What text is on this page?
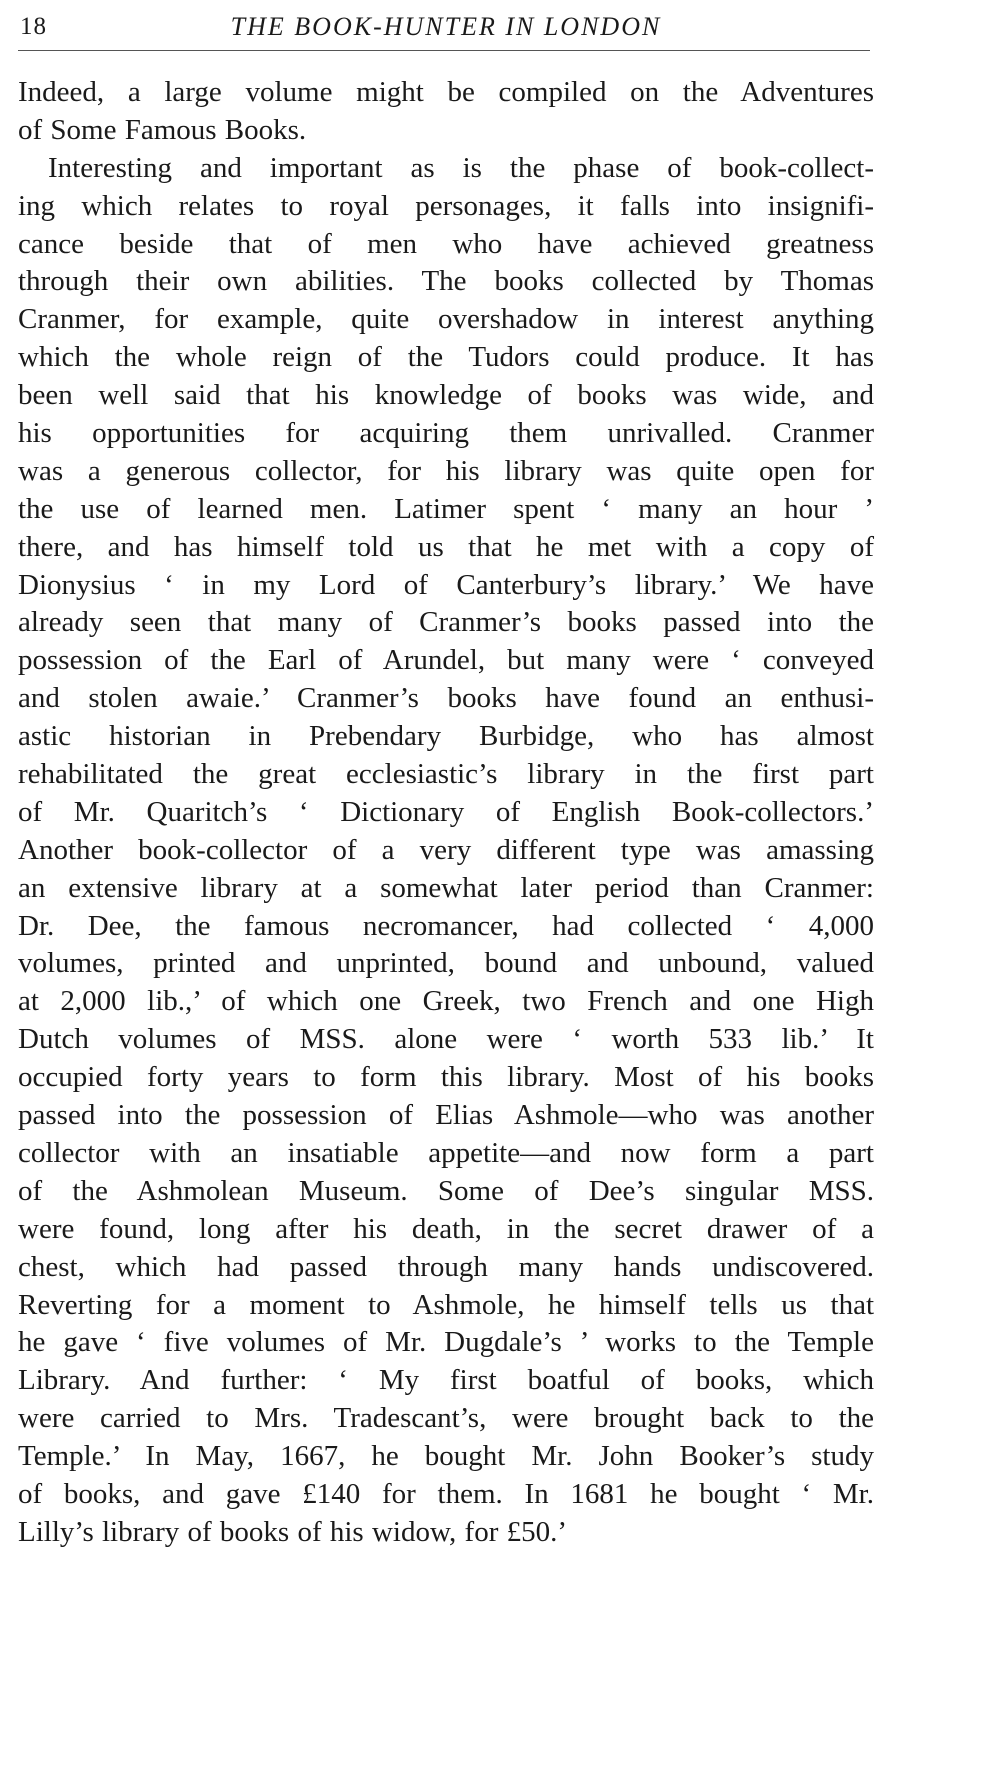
18	THE BOOK-HUNTER IN LONDON
Indeed, a large volume might be compiled on the Adventures
of Some Famous Books.
Interesting and important as is the phase of book-collect-
ing which relates to royal personages, it falls into insignifi-
cance beside that of men who have achieved greatness
through their own abilities. The books collected by Thomas
Cranmer, for example, quite overshadow in interest anything
which the whole reign of the Tudors could produce. It has
been well said that his knowledge of books was wide, and
his opportunities for acquiring them unrivalled. Cranmer
was a generous collector, for his library was quite open for
the use of learned men. Latimer spent ‘ many an hour ’
there, and has himself told us that he met with a copy of
Dionysius ‘ in my Lord of Canterbury’s library.’ We have
already seen that many of Cranmer’s books passed into the
possession of the Earl of Arundel, but many were ‘ conveyed
and stolen awaie.’ Cranmer’s books have found an enthusi-
astic historian in Prebendary Burbidge, who has almost
rehabilitated the great ecclesiastic’s library in the first part
of Mr. Quaritch’s ‘ Dictionary of English Book-collectors.’
Another book-collector of a very different type was amassing
an extensive library at a somewhat later period than Cranmer:
Dr. Dee, the famous necromancer, had collected ‘ 4,000
volumes, printed and unprinted, bound and unbound, valued
at 2,000 lib.,’ of which one Greek, two French and one High
Dutch volumes of MSS. alone were ‘ worth 533 lib.’ It
occupied forty years to form this library. Most of his books
passed into the possession of Elias Ashmole—who was another
collector with an insatiable appetite—and now form a part
of the Ashmolean Museum. Some of Dee’s singular MSS.
were found, long after his death, in the secret drawer of a
chest, which had passed through many hands undiscovered.
Reverting for a moment to Ashmole, he himself tells us that
he gave ‘ five volumes of Mr. Dugdale’s ’ works to the Temple
Library. And further: ‘ My first boatful of books, which
were carried to Mrs. Tradescant’s, were brought back to the
Temple.’ In May, 1667, he bought Mr. John Booker’s study
of books, and gave £140 for them. In 1681 he bought ‘ Mr.
Lilly’s library of books of his widow, for £50.’
